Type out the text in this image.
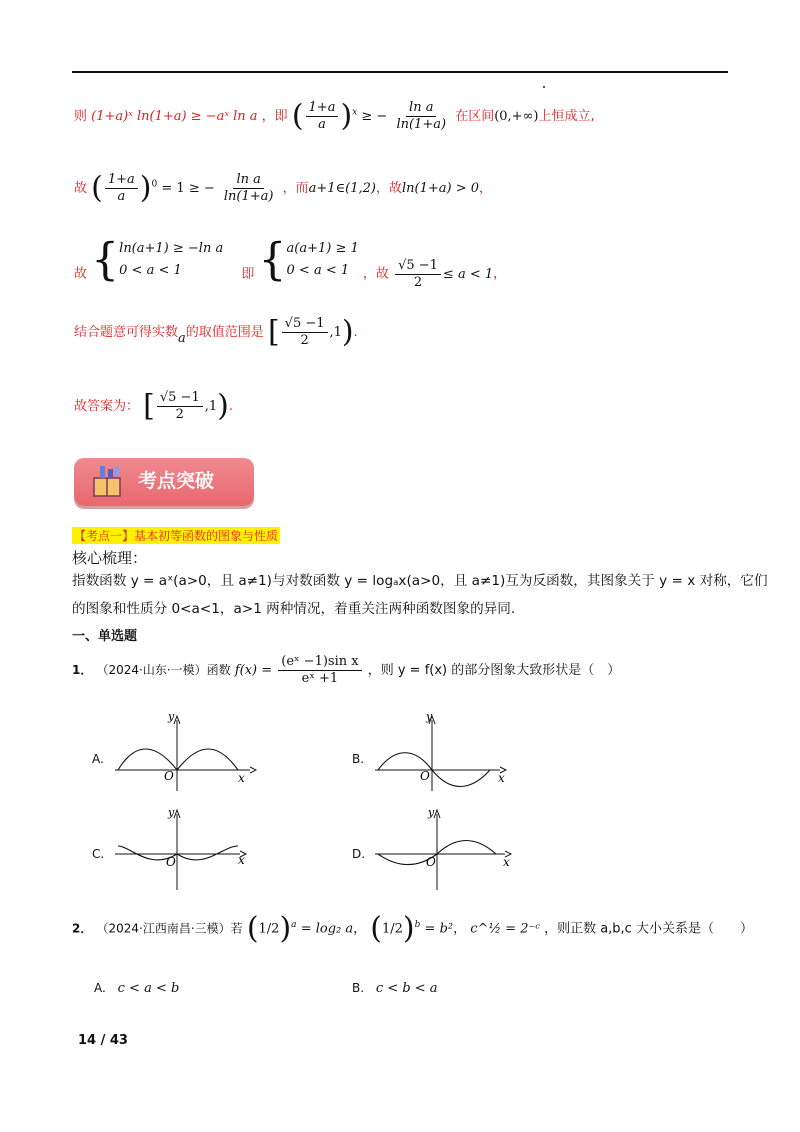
则 (1+a)ˣ ln(1+a) ≥ −aˣ ln a ，即 ( $\frac{1+a}{a} )^x$ ≥ − $\frac{\text{ln a}}{\ln(1+a)}$ 在区间(0,+∞)上恒成立,
故 ( $\frac{1+a}{a} )^0 = 1$ ≥ − $\frac{\text{ln a}}{\ln(1+a)}$ ，而a+1∈(1,2)，故ln(1+a) > 0，
故 { ln(a+1) ≥ −ln a
0 < a < 1	即 { a(a+1) ≥ 1
0 < a < 1	，故 $\frac{√5 -1}{2} \le a < 1$，
结合题意可得实数a的取值范围是 [ $\frac{√5 -1}{2} ,1$).
故答案为： [ $\frac{√5 -1}{2} ,1$).
考点突破
【考点一】基本初等函数的图象与性质
核心梳理：
指数函数 y = aˣ(a>0，且 a≠1)与对数函数 y = logₐx(a>0，且 a≠1)互为反函数，其图象关于 y = x 对称，它们
的图象和性质分 0<a<1，a>1 两种情况，着重关注两种函数图象的异同.
一、单选题
1． （2024·山东·一模）函数 $f(x) = \frac{\text{(eˣ −1)sin x}}{\text{eˣ +1}}$ ，则 y = f(x) 的部分图象大致形状是（　）
A.
y
x
O
B.
y
x
O
C.
y
x
O
D.
y
x
O
2． （2024·江西南昌·三模）若 $(1/2)^a = \log_2$ a， $(1/2)^b = b^2$， c^½ = 2⁻ᶜ ，则正数 a,b,c 大小关系是（　　）
A. c < a < b	B. c < b < a
14 / 43
